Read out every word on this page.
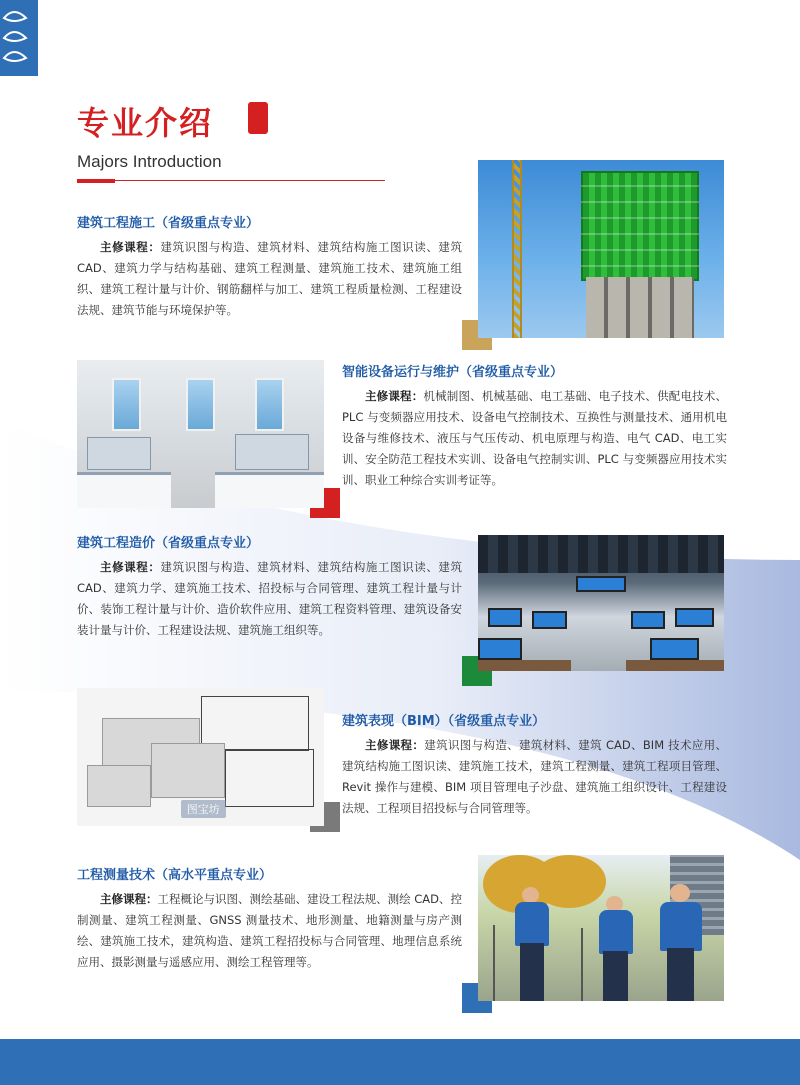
专业介绍
Majors Introduction
建筑工程施工（省级重点专业）

主修课程：建筑识图与构造、建筑材料、建筑结构施工图识读、建筑 CAD、建筑力学与结构基础、建筑工程测量、建筑施工技术、建筑施工组织、建筑工程计量与计价、钢筋翻样与加工、建筑工程质量检测、工程建设法规、建筑节能与环境保护等。

智能设备运行与维护（省级重点专业）

主修课程：机械制图、机械基础、电工基础、电子技术、供配电技术、PLC 与变频器应用技术、设备电气控制技术、互换性与测量技术、通用机电设备与维修技术、液压与气压传动、机电原理与构造、电气 CAD、电工实训、安全防范工程技术实训、设备电气控制实训、PLC 与变频器应用技术实训、职业工种综合实训考证等。

建筑工程造价（省级重点专业）

主修课程：建筑识图与构造、建筑材料、建筑结构施工图识读、建筑 CAD、建筑力学、建筑施工技术、招投标与合同管理、建筑工程计量与计价、装饰工程计量与计价、造价软件应用、建筑工程资料管理、建筑设备安装计量与计价、工程建设法规、建筑施工组织等。

图宝坊
建筑表现（BIM）（省级重点专业）

主修课程：建筑识图与构造、建筑材料、建筑 CAD、BIM 技术应用、建筑结构施工图识读、建筑施工技术，建筑工程测量、建筑工程项目管理、Revit 操作与建模、BIM 项目管理电子沙盘、建筑施工组织设计、工程建设法规、工程项目招投标与合同管理等。

工程测量技术（高水平重点专业）

主修课程：工程概论与识图、测绘基础、建设工程法规、测绘 CAD、控制测量、建筑工程测量、GNSS 测量技术、地形测量、地籍测量与房产测绘、建筑施工技术，建筑构造、建筑工程招投标与合同管理、地理信息系统应用、摄影测量与遥感应用、测绘工程管理等。
